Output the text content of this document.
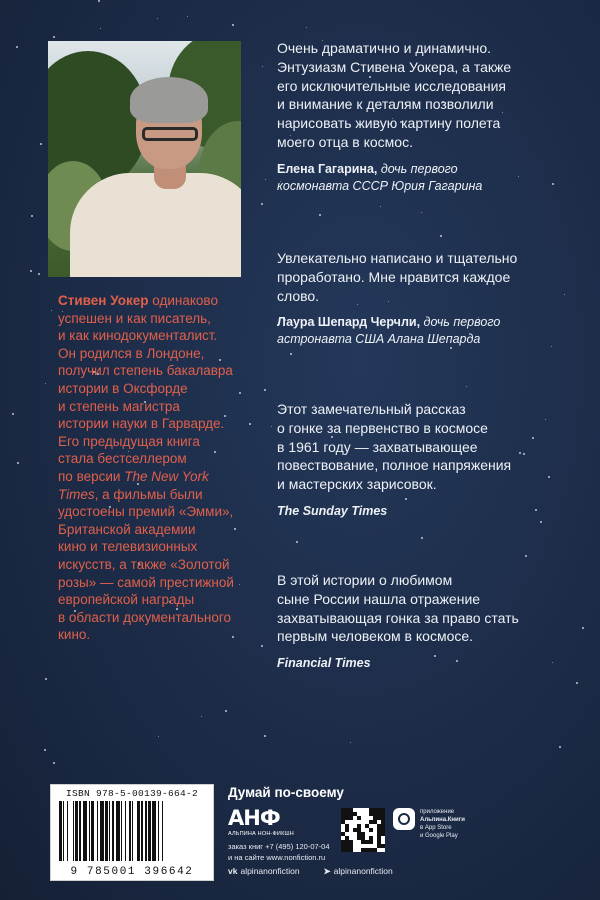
Стивен Уокер одинаково
успешен и как писатель,
и как кинодокументалист.
Он родился в Лондоне,
получил степень бакалавра
истории в Оксфорде
и степень магистра
истории науки в Гарварде.
Его предыдущая книга
стала бестселлером
по версии The New York
Times, а фильмы были
удостоены премий «Эмми»,
Британской академии
кино и телевизионных
искусств, а также «Золотой
розы» — самой престижной
европейской награды
в области документального
кино.

Очень драматично и динамично.
Энтузиазм Стивена Уокера, а также
его исключительные исследования
и внимание к деталям позволили
нарисовать живую картину полета
моего отца в космос.

Елена Гагарина, дочь первого
космонавта СССР Юрия Гагарина

Увлекательно написано и тщательно
проработано. Мне нравится каждое
слово.

Лаура Шепард Черчли, дочь первого
астронавта США Алана Шепарда

Этот замечательный рассказ
о гонке за первенство в космосе
в 1961 году — захватывающее
повествование, полное напряжения
и мастерских зарисовок.

The Sunday Times

В этой истории о любимом
сыне России нашла отражение
захватывающая гонка за право стать
первым человеком в космосе.

Financial Times
ISBN 978-5-00139-664-2
9 785001 396642
Думай по-своему
АНФ
АЛЬПИНА НОН-ФИКШН
заказ книг +7 (495) 120-07-04
и на сайте www.nonfiction.ru
приложение
Альпина.Книги
в App Store
и Google Play
vk alpinanonfiction	➤ alpinanonfiction
